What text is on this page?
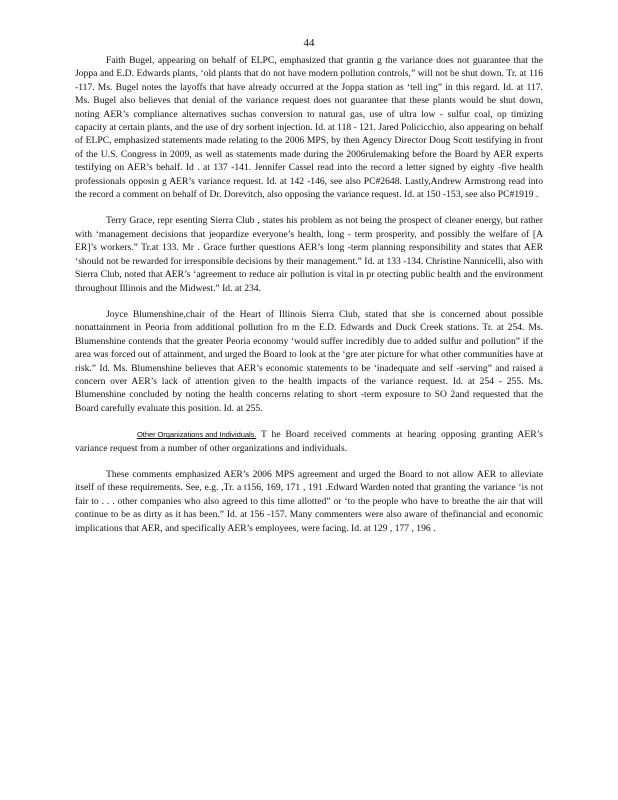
44

Faith Bugel, appearing on behalf of ELPC, emphasized that grantin g the variance does not guarantee that the Joppa and E.D. Edwards plants, ‘old plants that do not have modern pollution controls,” will not be shut down. Tr. at 116 -117. Ms. Bugel notes the layoffs that have already occurred at the Joppa station as ‘tell ing” in this regard. Id. at 117. Ms. Bugel also believes that denial of the variance request does not guarantee that these plants would be shut down, noting AER’s compliance alternatives suchas conversion to natural gas, use of ultra low - sulfur coal, op timizing capacity at certain plants, and the use of dry sorbent injection. Id. at 118 - 121. Jared Policicchio, also appearing on behalf of ELPC, emphasized statements made relating to the 2006 MPS, by then Agency Director Doug Scott testifying in front of the U.S. Congress in 2009, as well as statements made during the 2006rulemaking before the Board by AER experts testifying on AER’s behalf. Id . at 137 -141. Jennifer Cassel read into the record a letter signed by eighty -five health professionals opposin g AER’s variance request. Id. at 142 -146, see also PC#2648. Lastly,Andrew Armstrong read into the record a comment on behalf of Dr. Dorevitch, also opposing the variance request. Id. at 150 -153, see also PC#1919 .

Terry Grace, repr esenting Sierra Club , states his problem as not being the prospect of cleaner energy, but rather with ‘management decisions that jeopardize everyone’s health, long - term prosperity, and possibly the welfare of [A ER]’s workers.” Tr.at 133. Mr . Grace further questions AER’s long -term planning responsibility and states that AER ‘should not be rewarded for irresponsible decisions by their management.” Id. at 133 -134. Christine Nannicelli, also with Sierra Club, noted that AER’s ‘agreement to reduce air pollution is vital in pr otecting public health and the environment throughout Illinois and the Midwest.” Id. at 234.

Joyce Blumenshine,chair of the Heart of Illinois Sierra Club, stated that she is concerned about possible nonattainment in Peoria from additional pollution fro m the E.D. Edwards and Duck Creek stations. Tr. at 254. Ms. Blumenshine contends that the greater Peoria economy ‘would suffer incredibly due to added sulfur and pollution” if the area was forced out of attainment, and urged the Board to look at the ‘gre ater picture for what other communities have at risk.” Id. Ms. Blumenshine believes that AER’s economic statements to be ‘inadequate and self -serving” and raised a concern over AER’s lack of attention given to the health impacts of the variance request. Id. at 254 - 255. Ms. Blumenshine concluded by noting the health concerns relating to short -term exposure to SO 2and requested that the Board carefully evaluate this position. Id. at 255.

Other Organizations and Individuals. T he Board received comments at hearing opposing granting AER’s variance request from a number of other organizations and individuals.

These comments emphasized AER’s 2006 MPS agreement and urged the Board to not allow AER to alleviate itself of these requirements. See, e.g. ,Tr. a t156, 169, 171 , 191 .Edward Warden noted that granting the variance ‘is not fair to . . . other companies who also agreed to this time allotted” or ‘to the people who have to breathe the air that will continue to be as dirty as it has been.” Id. at 156 -157. Many commenters were also aware of thefinancial and economic implications that AER, and specifically AER’s employees, were facing. Id. at 129 , 177 , 196 .
